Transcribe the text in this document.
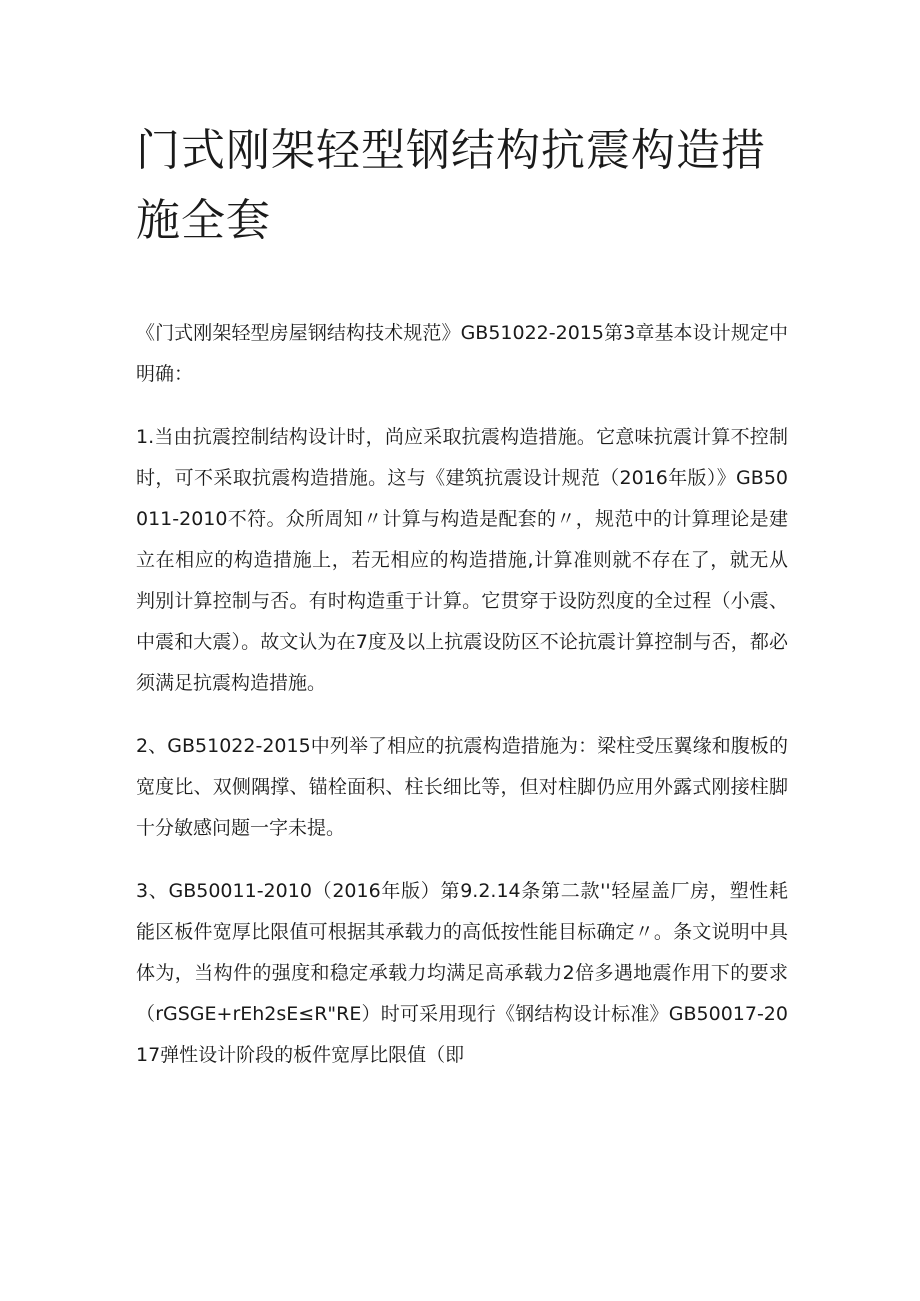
门式刚架轻型钢结构抗震构造措施全套

《门式刚架轻型房屋钢结构技术规范》GB51022-2015第3章基本设计规定中明确：

1.当由抗震控制结构设计时，尚应采取抗震构造措施。它意味抗震计算不控制时，可不采取抗震构造措施。这与《建筑抗震设计规范（2016年版）》GB50011-2010不符。众所周知〃计算与构造是配套的〃，规范中的计算理论是建立在相应的构造措施上，若无相应的构造措施,计算准则就不存在了，就无从判别计算控制与否。有时构造重于计算。它贯穿于设防烈度的全过程（小震、中震和大震）。故文认为在7度及以上抗震设防区不论抗震计算控制与否，都必须满足抗震构造措施。

2、GB51022-2015中列举了相应的抗震构造措施为：梁柱受压翼缘和腹板的宽度比、双侧隅撑、锚栓面积、柱长细比等，但对柱脚仍应用外露式刚接柱脚十分敏感问题一字未提。

3、GB50011-2010（2016年版）第9.2.14条第二款''轻屋盖厂房，塑性耗能区板件宽厚比限值可根据其承载力的高低按性能目标确定〃。条文说明中具体为，当构件的强度和稳定承载力均满足高承载力2倍多遇地震作用下的要求（rGSGE+rEh2sE≤R"RE）时可采用现行《钢结构设计标准》GB50017-2017弹性设计阶段的板件宽厚比限值（即
